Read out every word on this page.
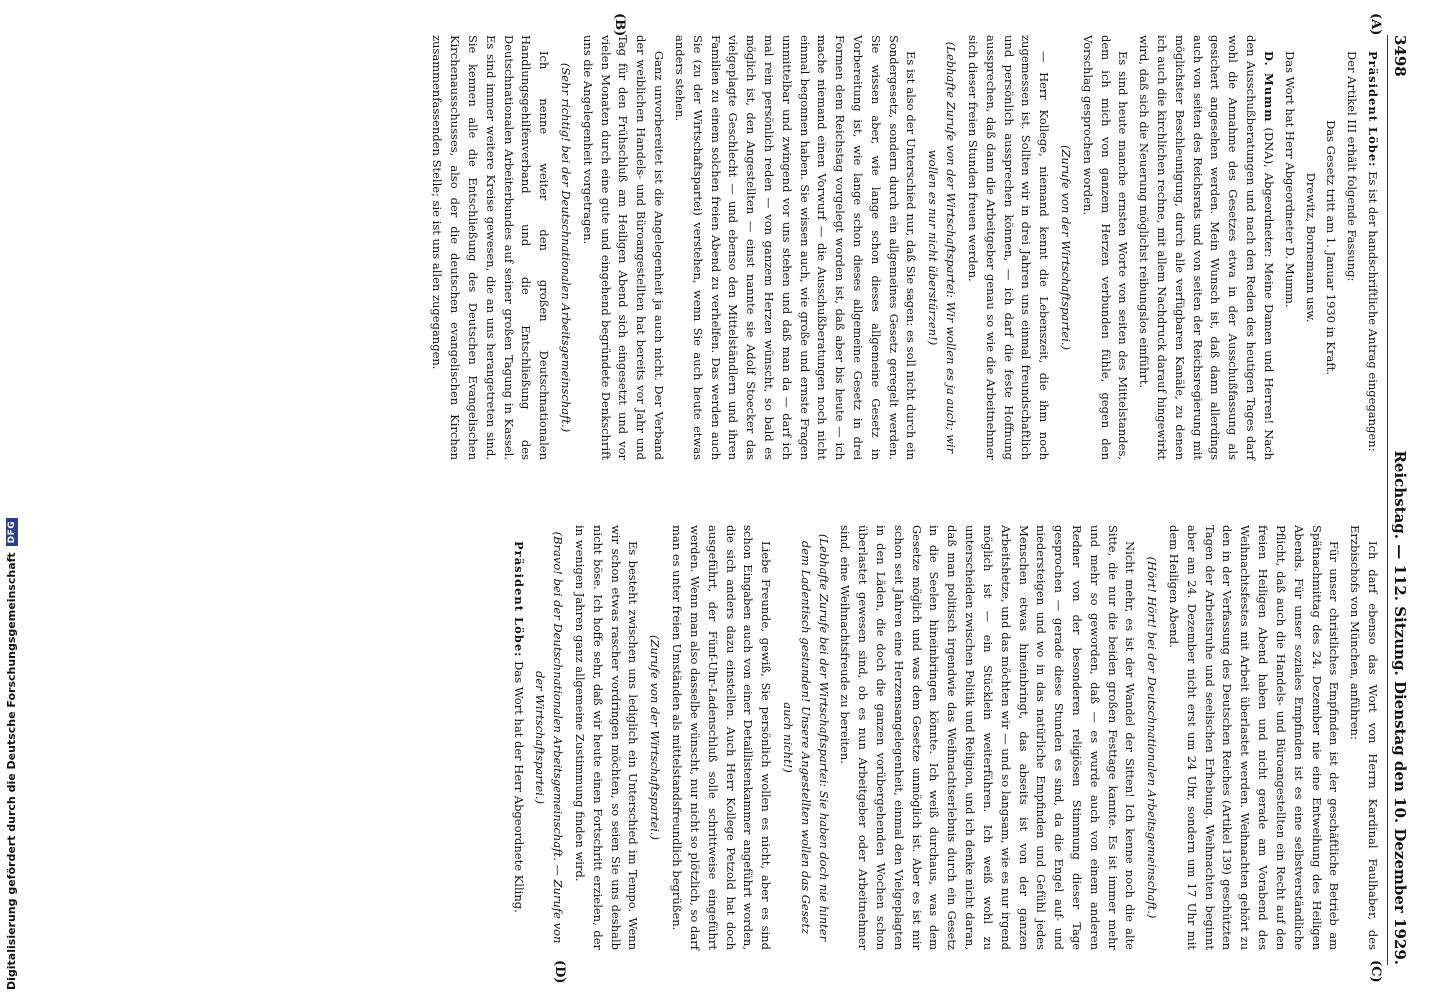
3498
Reichstag. — 112. Sitzung. Dienstag den 10. Dezember 1929.
(A)
(B)
(C)
(D)

Präsident Löbe: Es ist der handschriftliche Antrag eingegangen:

Der Artikel III erhält folgende Fassung:

Das Gesetz tritt am 1. Januar 1930 in Kraft.

Drewitz, Bornemann usw.

Das Wort hat Herr Abgeordneter D. Mumm.

D. Mumm (DNA), Abgeordneter: Meine Damen und Herren! Nach den Ausschußberatungen und nach den Reden des heutigen Tages darf wohl die Annahme des Gesetzes etwa in der Ausschußfassung als gesichert angesehen werden. Mein Wunsch ist, daß dann allerdings auch von seiten des Reichsrats und von seiten der Reichsregierung mit möglichster Beschleunigung, durch alle verfügbaren Kanäle, zu denen ich auch die kirchlichen rechne, mit allem Nachdruck darauf hingewirkt wird, daß sich die Neuerung möglichst reibungslos einführt.

Es sind heute manche ernsten Worte von seiten des Mittelstandes, dem ich mich von ganzem Herzen verbunden fühle, gegen den Vorschlag gesprochen worden.

(Zurufe von der Wirtschaftspartei.)

— Herr Kollege, niemand kennt die Lebenszeit, die ihm noch zugemessen ist. Sollten wir in drei Jahren uns einmal freundschaftlich und persönlich aussprechen können, — ich darf die feste Hoffnung aussprechen, daß dann die Arbeitgeber genau so wie die Arbeitnehmer sich dieser freien Stunden freuen werden.

(Lebhafte Zurufe von der Wirtschaftspartei: Wir wollen es ja auch; wir wollen es nur nicht überstürzen!)

Es ist also der Unterschied nur, daß Sie sagen: es soll nicht durch ein Sondergesetz, sondern durch ein allgemeines Gesetz geregelt werden. Sie wissen aber, wie lange schon dieses allgemeine Gesetz in Vorbereitung ist, wie lange schon dieses allgemeine Gesetz in drei Formen dem Reichstag vorgelegt worden ist, daß aber bis heute — ich mache niemand einen Vorwurf — die Ausschußberatungen noch nicht einmal begonnen haben. Sie wissen auch, wie große und ernste Fragen unmittelbar und zwingend vor uns stehen und daß man da — darf ich mal rein persönlich reden — von ganzem Herzen wünscht, so bald es möglich ist, den Angestellten — einst nannte sie Adolf Stoecker das vielgeplagte Geschlecht — und ebenso den Mittelständlern und ihren Familien zu einem solchen freien Abend zu verhelfen. Das werden auch Sie (zu der Wirtschaftspartei) verstehen, wenn Sie auch heute etwas anders stehen.

Ganz unvorbereitet ist die Angelegenheit ja auch nicht. Der Verband der weiblichen Handels- und Büroangestellten hat bereits vor Jahr und Tag für den Frühschluß am Heiligen Abend sich eingesetzt und vor vielen Monaten durch eine gute und eingehend begründete Denkschrift uns die Angelegenheit vorgetragen.

(Sehr richtig! bei der Deutschnationalen Arbeitsgemeinschaft.)

Ich nenne weiter den großen Deutschnationalen Handlungsgehilfenverband und die Entschließung des Deutschnationalen Arbeiterbundes auf seiner großen Tagung in Kassel. Es sind immer weitere Kreise gewesen, die an uns herangetreten sind. Sie kennen alle die Entschließung des Deutschen Evangelischen Kirchenausschusses, also der die deutschen evangelischen Kirchen zusammenfassenden Stelle; sie ist uns allen zugegangen.

Ich darf ebenso das Wort von Herrn Kardinal Faulhaber, des Erzbischofs von München, anführen:

Für unser christliches Empfinden ist der geschäftliche Betrieb am Spätnachmittag des 24. Dezember nie eine Entweihung des Heiligen Abends. Für unser soziales Empfinden ist es eine selbstverständliche Pflicht, daß auch die Handels- und Büroangestellten ein Recht auf den freien Heiligen Abend haben und nicht gerade am Vorabend des Weihnachtsfestes mit Arbeit überlastet werden. Weihnachten gehört zu den in der Verfassung des Deutschen Reiches (Artikel 139) geschützten Tagen der Arbeitsruhe und seelischen Erhebung. Weihnachten beginnt aber am 24. Dezember nicht erst um 24 Uhr, sondern um 17 Uhr mit dem Heiligen Abend.

(Hört! Hört! bei der Deutschnationalen Arbeitsgemeinschaft.)

Nicht mehr, es ist der Wandel der Sitten! Ich kenne noch die alte Sitte, die nur die beiden großen Festtage kannte. Es ist immer mehr und mehr so geworden, daß — es wurde auch von einem anderen Redner von der besonderen religiösen Stimmung dieser Tage gesprochen — gerade diese Stunden es sind, da die Engel auf- und niedersteigen und wo in das natürliche Empfinden und Gefühl jedes Menschen etwas hineinbringt, das abseits ist von der ganzen Arbeitshetze, und das möchten wir — und so langsam, wie es nur irgend möglich ist — ein Stücklein weiterführen. Ich weiß wohl zu unterscheiden zwischen Politik und Religion, und ich denke nicht daran, daß man politisch irgendwie das Weihnachtserlebnis durch ein Gesetz in die Seelen hineinbringen könnte. Ich weiß durchaus, was dem Gesetze möglich und was dem Gesetze unmöglich ist. Aber es ist mir schon seit Jahren eine Herzensangelegenheit, einmal den Vielgeplagten in den Läden, die doch die ganzen vorübergehenden Wochen schon überlastet gewesen sind, ob es nun Arbeitgeber oder Arbeitnehmer sind, eine Weihnachtsfreude zu bereiten.

(Lebhafte Zurufe bei der Wirtschaftspartei: Sie haben doch nie hinter dem Ladentisch gestanden! Unsere Angestellten wollen das Gesetz auch nicht!)

Liebe Freunde, gewiß, Sie persönlich wollen es nicht, aber es sind schon Eingaben auch von einer Detaillistenkammer angeführt worden, die sich anders dazu einstellen. Auch Herr Kollege Petzold hat doch ausgeführt, der Fünf-Uhr-Ladenschluß solle schrittweise eingeführt werden. Wenn man also dasselbe wünscht, nur nicht so plötzlich, so darf man es unter freien Umständen als mittelstandsfreundlich begrüßen.

(Zurufe von der Wirtschaftspartei.)

Es besteht zwischen uns lediglich ein Unterschied im Tempo. Wenn wir schon etwas rascher vordringen möchten, so seien Sie uns deshalb nicht böse. Ich hoffe sehr, daß wir heute einen Fortschritt erzielen, der in wenigen Jahren ganz allgemeine Zustimmung finden wird.

(Bravo! bei der Deutschnationalen Arbeitsgemeinschaft. — Zurufe von der Wirtschaftspartei.)

Präsident Löbe: Das Wort hat der Herr Abgeordnete Klling.

Digitalisierung gefördert durch die Deutsche Forschungsgemeinschaft
DFG
